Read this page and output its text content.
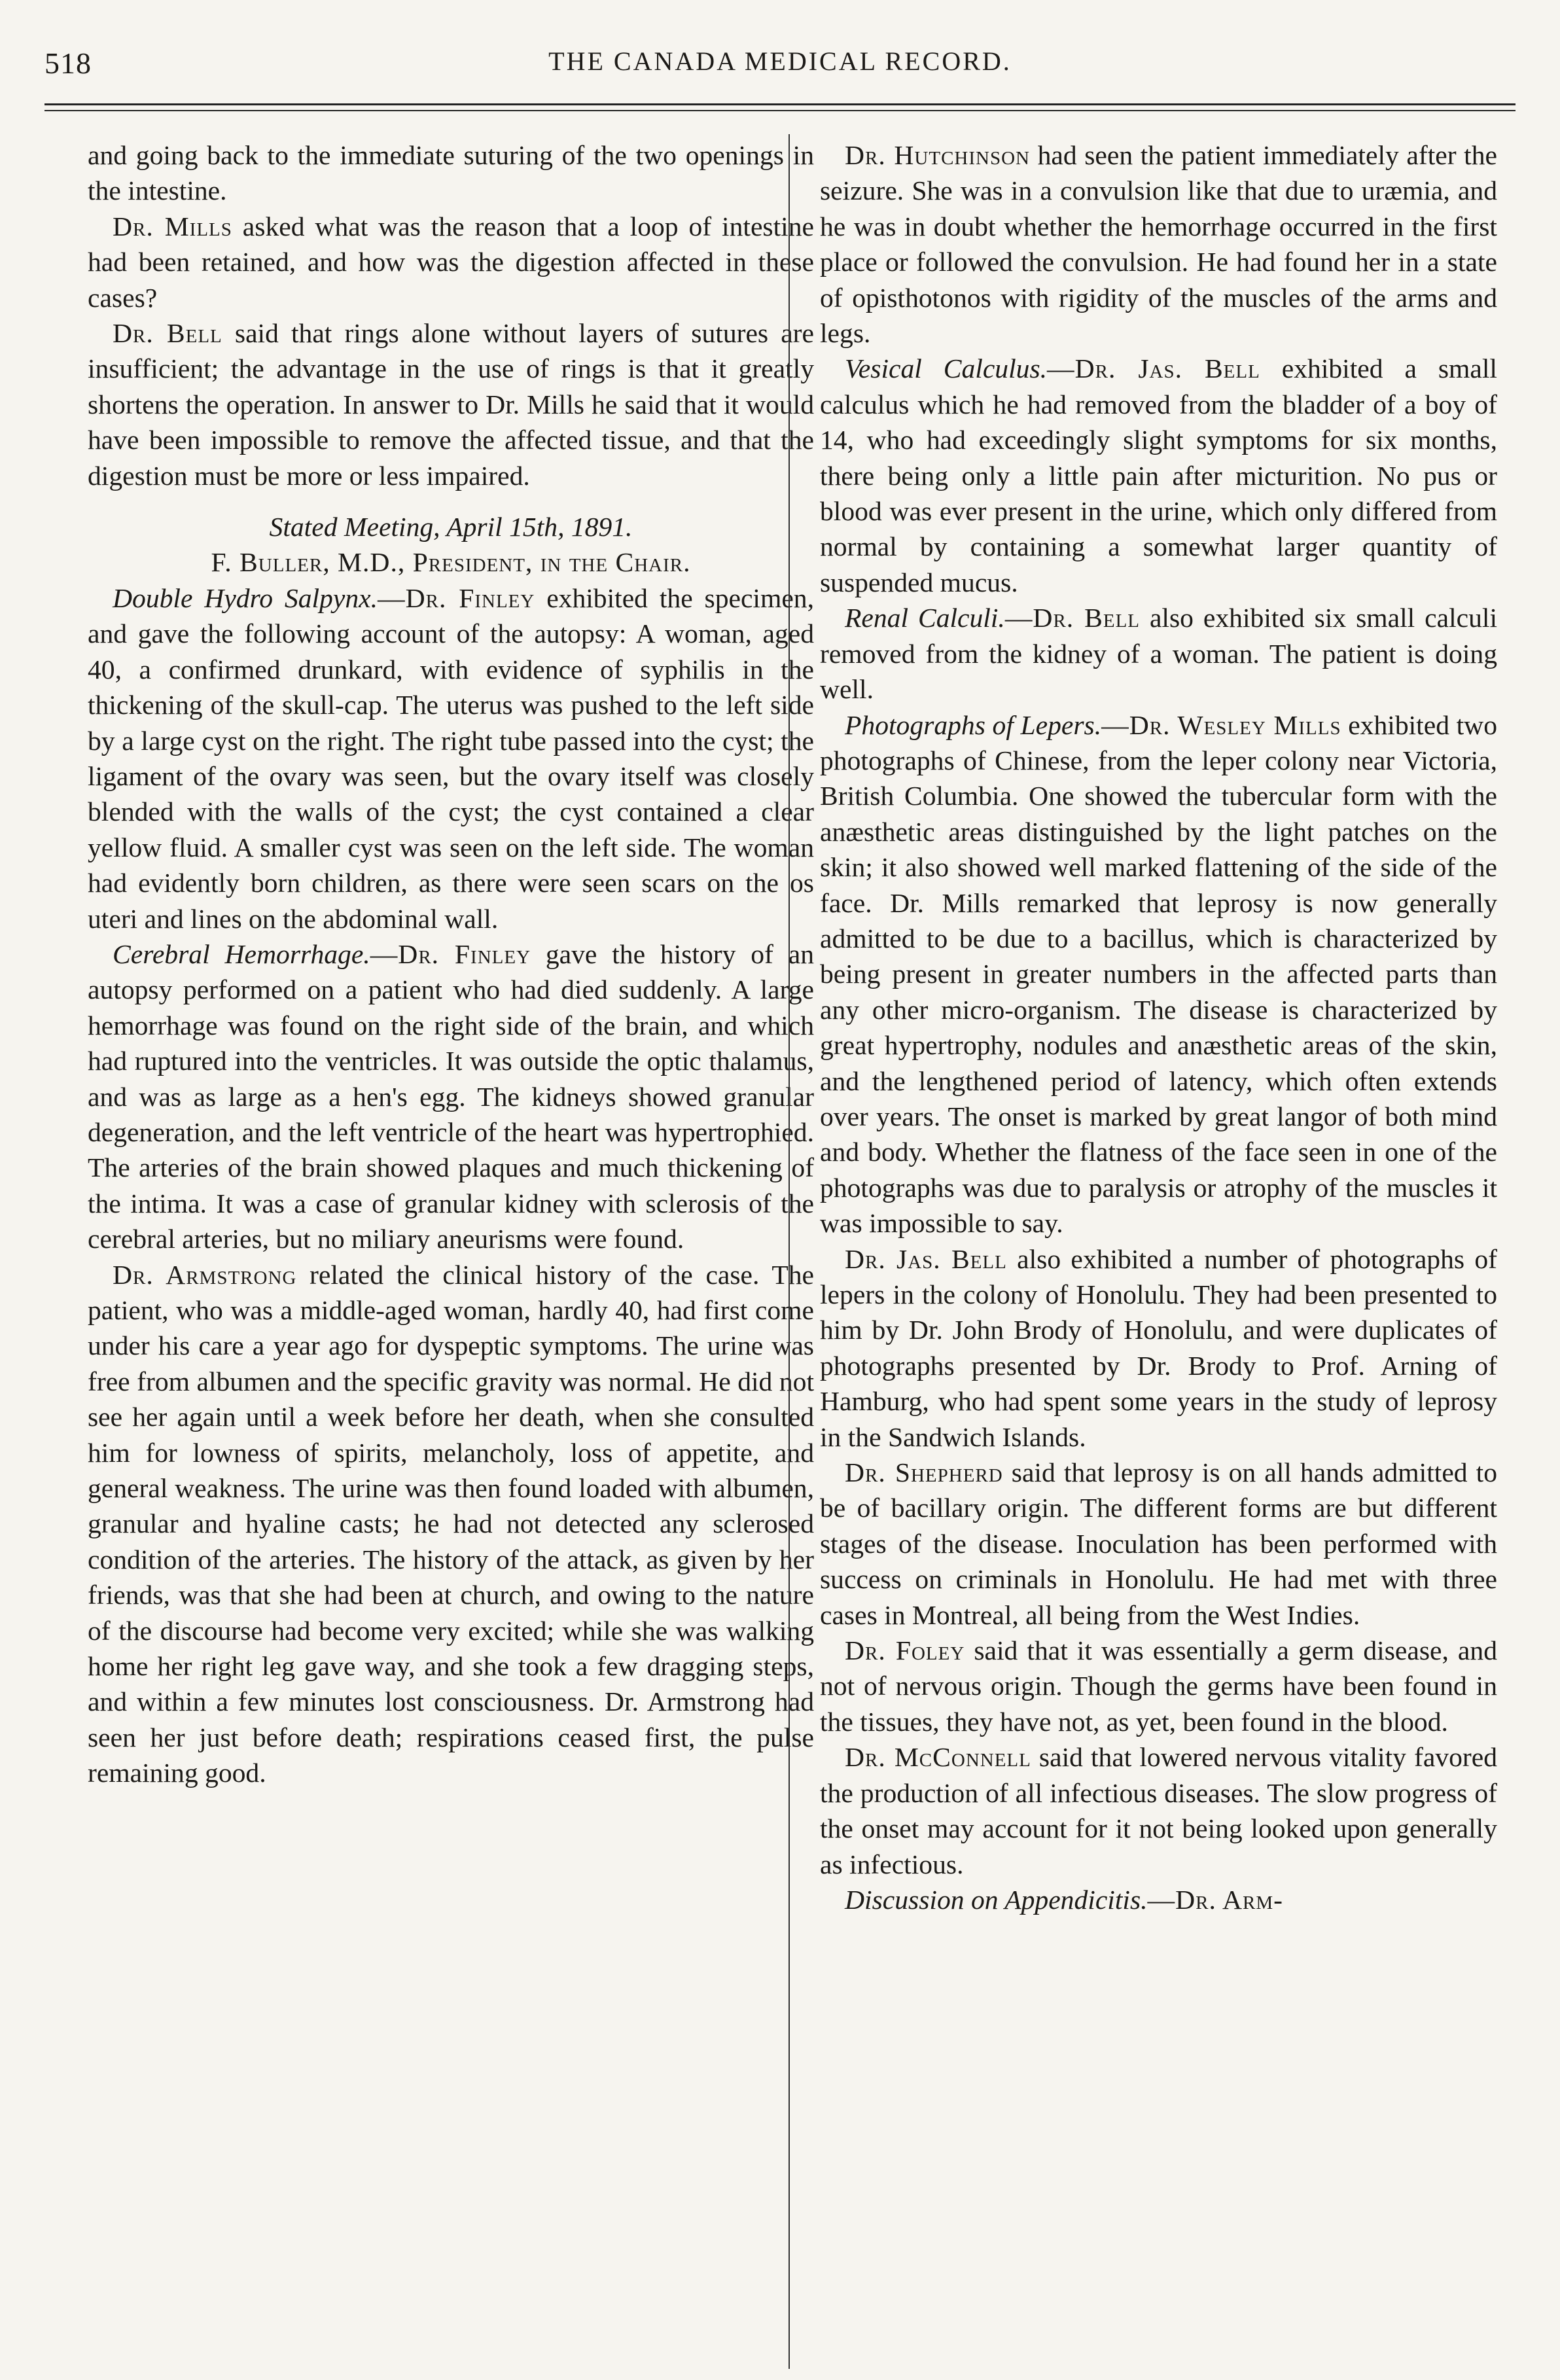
518	THE CANADA MEDICAL RECORD.

and going back to the immediate suturing of the two openings in the intestine.

Dr. Mills asked what was the reason that a loop of intestine had been retained, and how was the digestion affected in these cases?

Dr. Bell said that rings alone without layers of sutures are insufficient; the advantage in the use of rings is that it greatly shortens the operation. In answer to Dr. Mills he said that it would have been impossible to remove the affected tissue, and that the digestion must be more or less impaired.

Stated Meeting, April 15th, 1891.

F. Buller, M.D., President, in the Chair.

Double Hydro Salpynx.—Dr. Finley exhibited the specimen, and gave the following account of the autopsy: A woman, aged 40, a confirmed drunkard, with evidence of syphilis in the thickening of the skull-cap. The uterus was pushed to the left side by a large cyst on the right. The right tube passed into the cyst; the ligament of the ovary was seen, but the ovary itself was closely blended with the walls of the cyst; the cyst contained a clear yellow fluid. A smaller cyst was seen on the left side. The woman had evidently born children, as there were seen scars on the os uteri and lines on the abdominal wall.

Cerebral Hemorrhage.—Dr. Finley gave the history of an autopsy performed on a patient who had died suddenly. A large hemorrhage was found on the right side of the brain, and which had ruptured into the ventricles. It was outside the optic thalamus, and was as large as a hen's egg. The kidneys showed granular degeneration, and the left ventricle of the heart was hypertrophied. The arteries of the brain showed plaques and much thickening of the intima. It was a case of granular kidney with sclerosis of the cerebral arteries, but no miliary aneurisms were found.

Dr. Armstrong related the clinical history of the case. The patient, who was a middle-aged woman, hardly 40, had first come under his care a year ago for dyspeptic symptoms. The urine was free from albumen and the specific gravity was normal. He did not see her again until a week before her death, when she consulted him for lowness of spirits, melancholy, loss of appetite, and general weakness. The urine was then found loaded with albumen, granular and hyaline casts; he had not detected any sclerosed condition of the arteries. The history of the attack, as given by her friends, was that she had been at church, and owing to the nature of the discourse had become very excited; while she was walking home her right leg gave way, and she took a few dragging steps, and within a few minutes lost consciousness. Dr. Armstrong had seen her just before death; respirations ceased first, the pulse remaining good.

Dr. Hutchinson had seen the patient immediately after the seizure. She was in a convulsion like that due to uræmia, and he was in doubt whether the hemorrhage occurred in the first place or followed the convulsion. He had found her in a state of opisthotonos with rigidity of the muscles of the arms and legs.

Vesical Calculus.—Dr. Jas. Bell exhibited a small calculus which he had removed from the bladder of a boy of 14, who had exceedingly slight symptoms for six months, there being only a little pain after micturition. No pus or blood was ever present in the urine, which only differed from normal by containing a somewhat larger quantity of suspended mucus.

Renal Calculi.—Dr. Bell also exhibited six small calculi removed from the kidney of a woman. The patient is doing well.

Photographs of Lepers.—Dr. Wesley Mills exhibited two photographs of Chinese, from the leper colony near Victoria, British Columbia. One showed the tubercular form with the anæsthetic areas distinguished by the light patches on the skin; it also showed well marked flattening of the side of the face. Dr. Mills remarked that leprosy is now generally admitted to be due to a bacillus, which is characterized by being present in greater numbers in the affected parts than any other micro-organism. The disease is characterized by great hypertrophy, nodules and anæsthetic areas of the skin, and the lengthened period of latency, which often extends over years. The onset is marked by great langor of both mind and body. Whether the flatness of the face seen in one of the photographs was due to paralysis or atrophy of the muscles it was impossible to say.

Dr. Jas. Bell also exhibited a number of photographs of lepers in the colony of Honolulu. They had been presented to him by Dr. John Brody of Honolulu, and were duplicates of photographs presented by Dr. Brody to Prof. Arning of Hamburg, who had spent some years in the study of leprosy in the Sandwich Islands.

Dr. Shepherd said that leprosy is on all hands admitted to be of bacillary origin. The different forms are but different stages of the disease. Inoculation has been performed with success on criminals in Honolulu. He had met with three cases in Montreal, all being from the West Indies.

Dr. Foley said that it was essentially a germ disease, and not of nervous origin. Though the germs have been found in the tissues, they have not, as yet, been found in the blood.

Dr. McConnell said that lowered nervous vitality favored the production of all infectious diseases. The slow progress of the onset may account for it not being looked upon generally as infectious.

Discussion on Appendicitis.—Dr. Arm-
